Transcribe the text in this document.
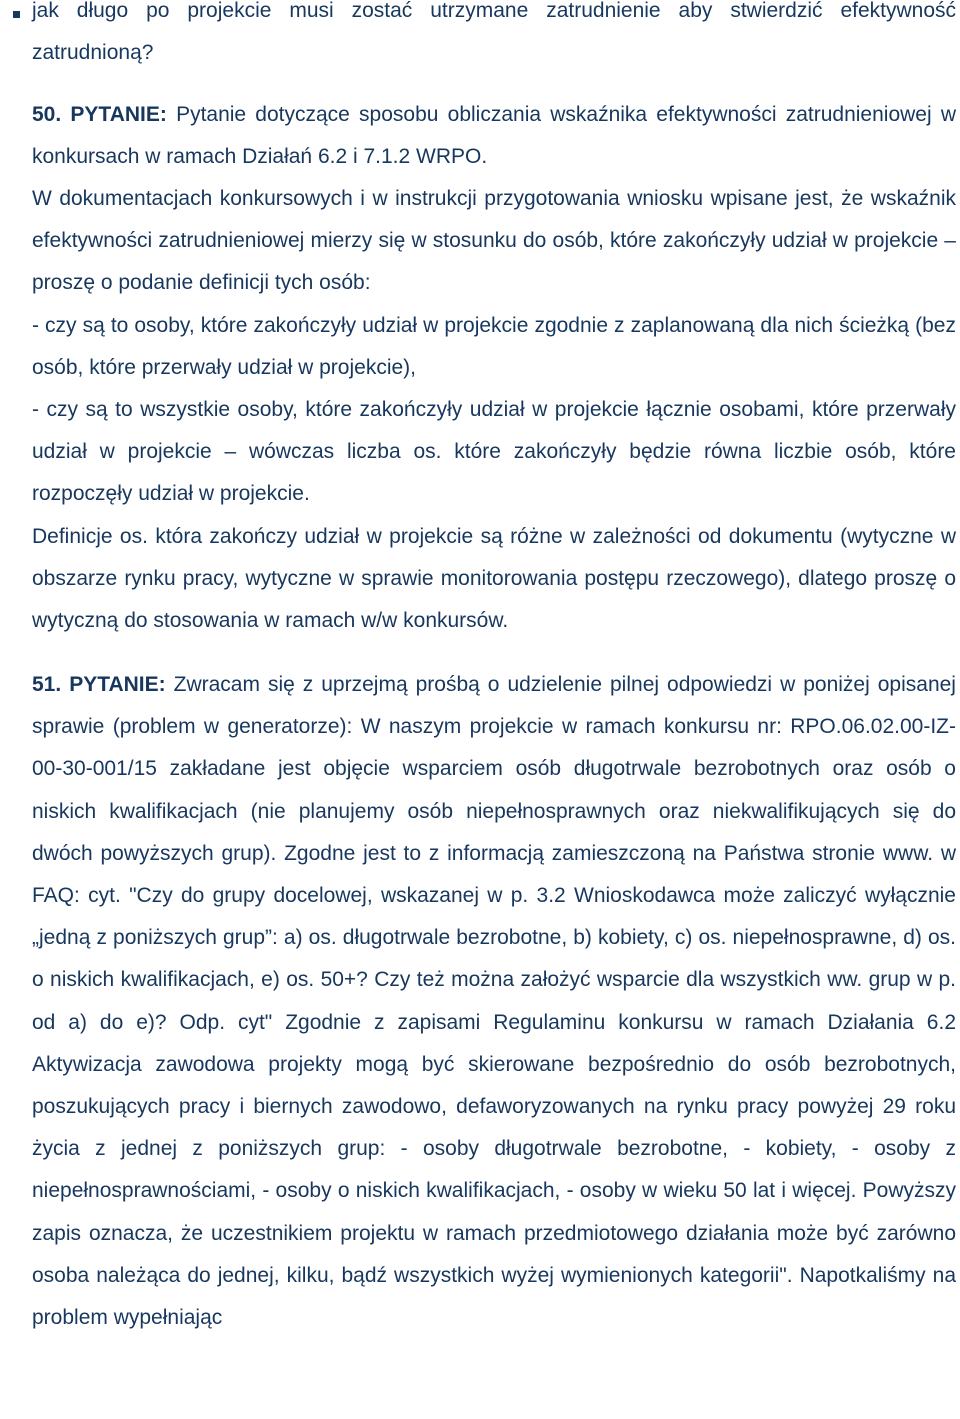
jak długo po projekcie musi zostać utrzymane zatrudnienie aby stwierdzić efektywność zatrudnioną?

50. PYTANIE: Pytanie dotyczące sposobu obliczania wskaźnika efektywności zatrudnieniowej w konkursach w ramach Działań 6.2 i 7.1.2 WRPO.

W dokumentacjach konkursowych i w instrukcji przygotowania wniosku wpisane jest, że wskaźnik efektywności zatrudnieniowej mierzy się w stosunku do osób, które zakończyły udział w projekcie – proszę o podanie definicji tych osób:

- czy są to osoby, które zakończyły udział w projekcie zgodnie z zaplanowaną dla nich ścieżką (bez osób, które przerwały udział w projekcie),

- czy są to wszystkie osoby, które zakończyły udział w projekcie łącznie osobami, które przerwały udział w projekcie – wówczas liczba os. które zakończyły będzie równa liczbie osób, które rozpoczęły udział w projekcie.

Definicje os. która zakończy udział w projekcie są różne w zależności od dokumentu (wytyczne w obszarze rynku pracy, wytyczne w sprawie monitorowania postępu rzeczowego), dlatego proszę o wytyczną do stosowania w ramach w/w konkursów.

51. PYTANIE: Zwracam się z uprzejmą prośbą o udzielenie pilnej odpowiedzi w poniżej opisanej sprawie (problem w generatorze): W naszym projekcie w ramach konkursu nr: RPO.06.02.00-IZ-00-30-001/15 zakładane jest objęcie wsparciem osób długotrwale bezrobotnych oraz osób o niskich kwalifikacjach (nie planujemy osób niepełnosprawnych oraz niekwalifikujących się do dwóch powyższych grup). Zgodne jest to z informacją zamieszczoną na Państwa stronie www. w FAQ: cyt. "Czy do grupy docelowej, wskazanej w p. 3.2 Wnioskodawca może zaliczyć wyłącznie „jedną z poniższych grup”: a) os. długotrwale bezrobotne, b) kobiety, c) os. niepełnosprawne, d) os. o niskich kwalifikacjach, e) os. 50+? Czy też można założyć wsparcie dla wszystkich ww. grup w p. od a) do e)? Odp. cyt" Zgodnie z zapisami Regulaminu konkursu w ramach Działania 6.2 Aktywizacja zawodowa projekty mogą być skierowane bezpośrednio do osób bezrobotnych, poszukujących pracy i biernych zawodowo, defaworyzowanych na rynku pracy powyżej 29 roku życia z jednej z poniższych grup: - osoby długotrwale bezrobotne, - kobiety, - osoby z niepełnosprawnościami, - osoby o niskich kwalifikacjach, - osoby w wieku 50 lat i więcej. Powyższy zapis oznacza, że uczestnikiem projektu w ramach przedmiotowego działania może być zarówno osoba należąca do jednej, kilku, bądź wszystkich wyżej wymienionych kategorii". Napotkaliśmy na problem wypełniając
